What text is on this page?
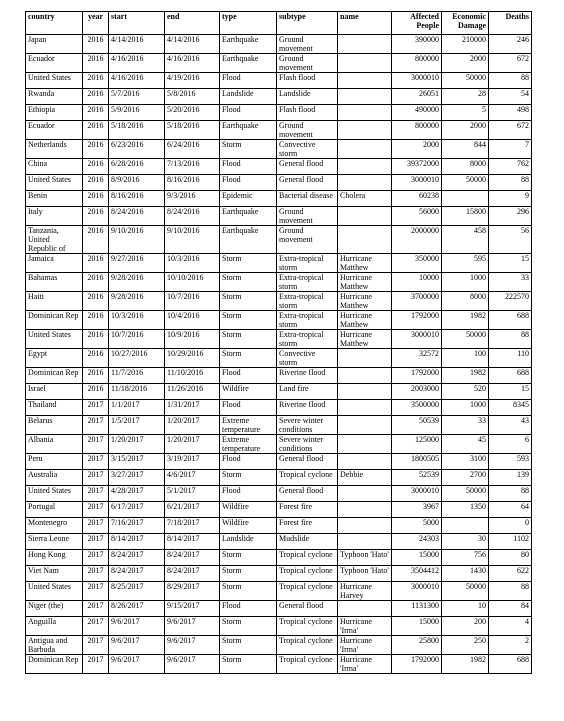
country	year	start	end	type	subtype	name	Affected People	Economic Damage	Deaths
Japan	2016	4/14/2016	4/14/2016	Earthquake	Ground movement		390000	210000	246
Ecuador	2016	4/16/2016	4/16/2016	Earthquake	Ground movement		800000	2000	672
United States	2016	4/16/2016	4/19/2016	Flood	Flash flood		3000010	50000	88
Rwanda	2016	5/7/2016	5/8/2016	Landslide	Landslide		26051	28	54
Ethiopia	2016	5/9/2016	5/20/2016	Flood	Flash flood		490000	5	498
Ecuador	2016	5/18/2016	5/18/2016	Earthquake	Ground movement		800000	2000	672
Netherlands	2016	6/23/2016	6/24/2016	Storm	Convective storm		2000	844	7
China	2016	6/28/2016	7/13/2016	Flood	General flood		39372000	8000	762
United States	2016	8/9/2016	8/16/2016	Flood	General flood		3000010	50000	88
Benin	2016	8/16/2016	9/3/2016	Epidemic	Bacterial disease	Cholera	60238		9
Italy	2016	8/24/2016	8/24/2016	Earthquake	Ground movement		56000	15800	296
Tanzania, United Republic of	2016	9/10/2016	9/10/2016	Earthquake	Ground movement		2000000	458	56
Jamaica	2016	9/27/2016	10/3/2016	Storm	Extra-tropical storm	Hurricane Matthew	350000	595	15
Bahamas	2016	9/28/2016	10/10/2016	Storm	Extra-tropical storm	Hurricane Matthew	10000	1000	33
Haiti	2016	9/28/2016	10/7/2016	Storm	Extra-tropical storm	Hurricane Matthew	3700000	8000	222570
Dominican Rep	2016	10/3/2016	10/4/2016	Storm	Extra-tropical storm	Hurricane Matthew	1792000	1982	688
United States	2016	10/7/2016	10/9/2016	Storm	Extra-tropical storm	Hurricane Matthew	3000010	50000	88
Egypt	2016	10/27/2016	10/29/2016	Storm	Convective storm		32572	100	110
Dominican Rep	2016	11/7/2016	11/10/2016	Flood	Riverine flood		1792000	1982	688
Israel	2016	11/18/2016	11/26/2016	Wildfire	Land fire		2003000	520	15
Thailand	2017	1/1/2017	1/31/2017	Flood	Riverine flood		3500000	1000	8345
Belarus	2017	1/5/2017	1/20/2017	Extreme temperature	Severe winter conditions		50539	33	43
Albania	2017	1/20/2017	1/20/2017	Extreme temperature	Severe winter conditions		125000	45	6
Peru	2017	3/15/2017	3/19/2017	Flood	General flood		1800505	3100	593
Australia	2017	3/27/2017	4/6/2017	Storm	Tropical cyclone	Debbie	52539	2700	139
United States	2017	4/28/2017	5/1/2017	Flood	General flood		3000010	50000	88
Portugal	2017	6/17/2017	6/21/2017	Wildfire	Forest fire		3967	1350	64
Montenegro	2017	7/16/2017	7/18/2017	Wildfire	Forest fire		5000		0
Sierra Leone	2017	8/14/2017	8/14/2017	Landslide	Mudslide		24303	30	1102
Hong Kong	2017	8/24/2017	8/24/2017	Storm	Tropical cyclone	Typhoon 'Hato'	15000	756	80
Viet Nam	2017	8/24/2017	8/24/2017	Storm	Tropical cyclone	Typhoon 'Hato'	3504412	1430	622
United States	2017	8/25/2017	8/29/2017	Storm	Tropical cyclone	Hurricane Harvey	3000010	50000	88
Niger (the)	2017	8/26/2017	9/15/2017	Flood	General flood		1131300	10	84
Anguilla	2017	9/6/2017	9/6/2017	Storm	Tropical cyclone	Hurricane 'Irma'	15000	200	4
Antigua and Barbuda	2017	9/6/2017	9/6/2017	Storm	Tropical cyclone	Hurricane 'Irma'	25800	250	2
Dominican Rep	2017	9/6/2017	9/6/2017	Storm	Tropical cyclone	Hurricane 'Irma'	1792000	1982	688
